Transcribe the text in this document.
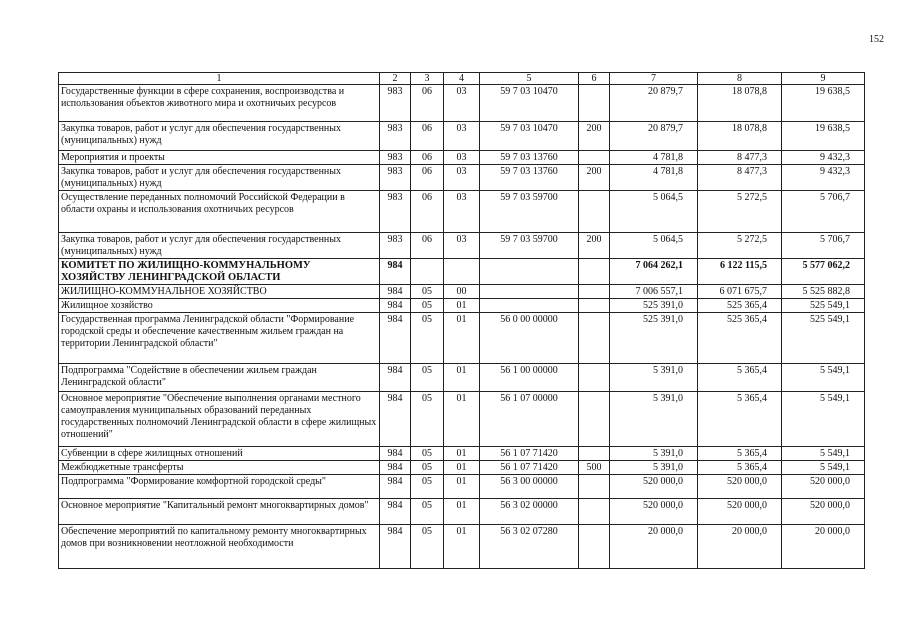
152
1	2	3	4	5	6	7	8	9
Государственные функции в сфере сохранения, воспроизводства и использования объектов животного мира и охотничьих ресурсов	983	06	03	59 7 03 10470		20 879,7	18 078,8	19 638,5
Закупка товаров, работ и услуг для обеспечения государственных (муниципальных) нужд	983	06	03	59 7 03 10470	200	20 879,7	18 078,8	19 638,5
Мероприятия и проекты	983	06	03	59 7 03 13760		4 781,8	8 477,3	9 432,3
Закупка товаров, работ и услуг для обеспечения государственных (муниципальных) нужд	983	06	03	59 7 03 13760	200	4 781,8	8 477,3	9 432,3
Осуществление переданных полномочий Российской Федерации в области охраны и использования охотничьих ресурсов	983	06	03	59 7 03 59700		5 064,5	5 272,5	5 706,7
Закупка товаров, работ и услуг для обеспечения государственных (муниципальных) нужд	983	06	03	59 7 03 59700	200	5 064,5	5 272,5	5 706,7
КОМИТЕТ ПО ЖИЛИЩНО-КОММУНАЛЬНОМУ ХОЗЯЙСТВУ ЛЕНИНГРАДСКОЙ ОБЛАСТИ	984					7 064 262,1	6 122 115,5	5 577 062,2
ЖИЛИЩНО-КОММУНАЛЬНОЕ ХОЗЯЙСТВО	984	05	00			7 006 557,1	6 071 675,7	5 525 882,8
Жилищное хозяйство	984	05	01			525 391,0	525 365,4	525 549,1
Государственная программа Ленинградской области "Формирование городской среды и обеспечение качественным жильем граждан на территории Ленинградской области"	984	05	01	56 0 00 00000		525 391,0	525 365,4	525 549,1
Подпрограмма "Содействие в обеспечении жильем граждан Ленинградской области"	984	05	01	56 1 00 00000		5 391,0	5 365,4	5 549,1
Основное мероприятие "Обеспечение выполнения органами местного самоуправления муниципальных образований переданных государственных полномочий Ленинградской области в сфере жилищных отношений"	984	05	01	56 1 07 00000		5 391,0	5 365,4	5 549,1
Субвенции в сфере жилищных отношений	984	05	01	56 1 07 71420		5 391,0	5 365,4	5 549,1
Межбюджетные трансферты	984	05	01	56 1 07 71420	500	5 391,0	5 365,4	5 549,1
Подпрограмма "Формирование комфортной городской среды"	984	05	01	56 3 00 00000		520 000,0	520 000,0	520 000,0
Основное мероприятие "Капитальный ремонт многоквартирных домов"	984	05	01	56 3 02 00000		520 000,0	520 000,0	520 000,0
Обеспечение мероприятий по капитальному ремонту многоквартирных домов при возникновении неотложной необходимости	984	05	01	56 3 02 07280		20 000,0	20 000,0	20 000,0
